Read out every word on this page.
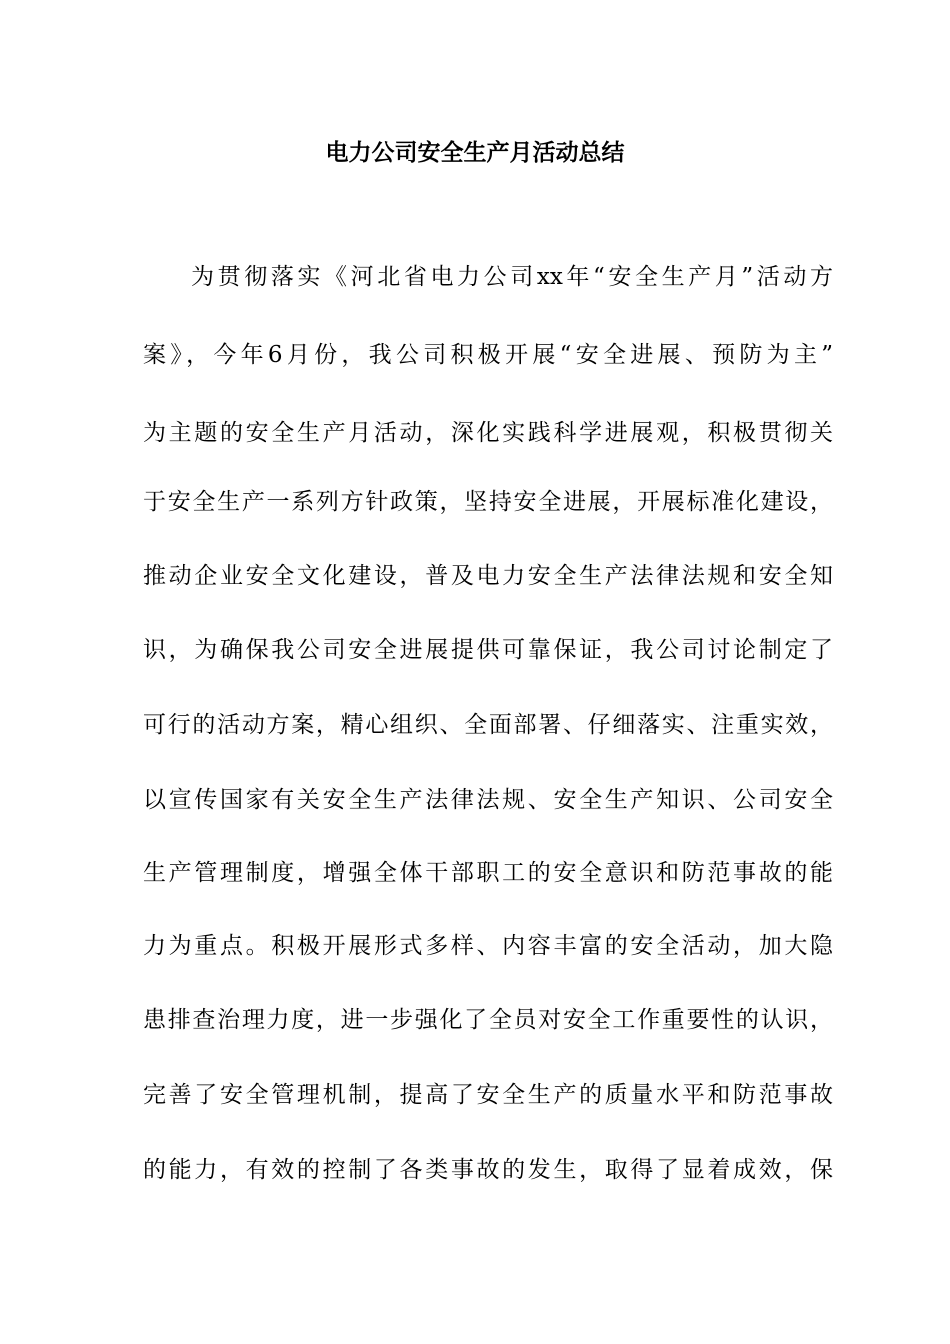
电力公司安全生产月活动总结
为贯彻落实《河北省电力公司xx年“安全生产月”活动方
案》，今年6月份，我公司积极开展“安全进展、预防为主”
为主题的安全生产月活动，深化实践科学进展观，积极贯彻关
于安全生产一系列方针政策，坚持安全进展，开展标准化建设，
推动企业安全文化建设，普及电力安全生产法律法规和安全知
识，为确保我公司安全进展提供可靠保证，我公司讨论制定了
可行的活动方案，精心组织、全面部署、仔细落实、注重实效，
以宣传国家有关安全生产法律法规、安全生产知识、公司安全
生产管理制度，增强全体干部职工的安全意识和防范事故的能
力为重点。积极开展形式多样、内容丰富的安全活动，加大隐
患排查治理力度，进一步强化了全员对安全工作重要性的认识，
完善了安全管理机制，提高了安全生产的质量水平和防范事故
的能力，有效的控制了各类事故的发生，取得了显着成效，保
